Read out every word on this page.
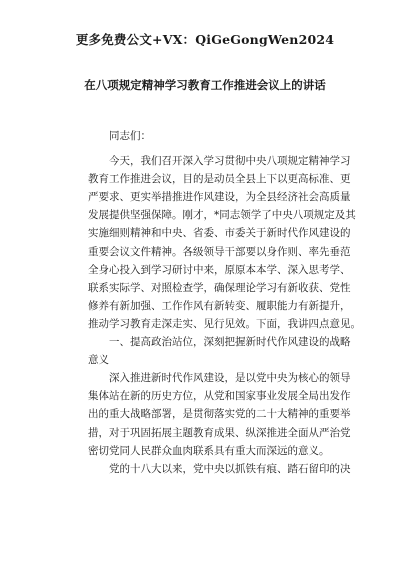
更多免费公文+VX：QiGeGongWen2024
在八项规定精神学习教育工作推进会议上的讲话
同志们：
今天，我们召开深入学习贯彻中央八项规定精神学习
教育工作推进会议，目的是动员全县上下以更高标准、更
严要求、更实举措推进作风建设，为全县经济社会高质量
发展提供坚强保障。刚才，*同志领学了中央八项规定及其
实施细则精神和中央、省委、市委关于新时代作风建设的
重要会议文件精神。各级领导干部要以身作则、率先垂范
全身心投入到学习研讨中来，原原本本学、深入思考学、
联系实际学、对照检查学，确保理论学习有新收获、党性
修养有新加强、工作作风有新转变、履职能力有新提升，
推动学习教育走深走实、见行见效。下面，我讲四点意见。
一、提高政治站位，深刻把握新时代作风建设的战略
意义
深入推进新时代作风建设，是以党中央为核心的领导
集体站在新的历史方位，从党和国家事业发展全局出发作
出的重大战略部署，是贯彻落实党的二十大精神的重要举
措，对于巩固拓展主题教育成果、纵深推进全面从严治党
密切党同人民群众血肉联系具有重大而深远的意义。
党的十八大以来，党中央以抓铁有痕、踏石留印的决
